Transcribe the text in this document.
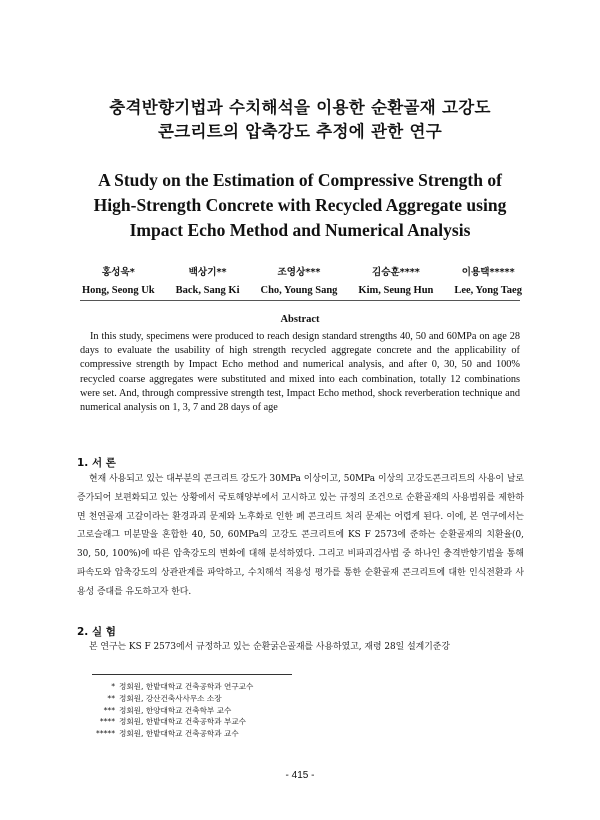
충격반향기법과 수치해석을 이용한 순환골재 고강도
콘크리트의 압축강도 추정에 관한 연구
A Study on the Estimation of Compressive Strength of
High-Strength Concrete with Recycled Aggregate using
Impact Echo Method and Numerical Analysis
홍성욱*
Hong, Seong Uk
백상기**
Back, Sang Ki
조영상***
Cho, Young Sang
김승훈****
Kim, Seung Hun
이용택*****
Lee, Yong Taeg
Abstract

In this study, specimens were produced to reach design standard strengths 40, 50 and 60MPa on age 28 days to evaluate the usability of high strength recycled aggregate concrete and the applicability of compressive strength by Impact Echo method and numerical analysis, and after 0, 30, 50 and 100% recycled coarse aggregates were substituted and mixed into each combination, totally 12 combinations were set. And, through compressive strength test, Impact Echo method, shock reverberation technique and numerical analysis on 1, 3, 7 and 28 days of age

1. 서 론

현재 사용되고 있는 대부분의 콘크리트 강도가 30MPa 이상이고, 50MPa 이상의 고강도콘크리트의 사용이 날로 증가되어 보편화되고 있는 상황에서 국토해양부에서 고시하고 있는 규정의 조건으로 순환골재의 사용범위를 제한하면 천연골재 고갈이라는 환경과괴 문제와 노후화로 인한 폐 콘크리트 처리 문제는 어렵게 된다. 이에, 본 연구에서는 고로슬래그 미분말을 혼합한 40, 50, 60MPa의 고강도 콘크리트에 KS F 2573에 준하는 순환골재의 치환율(0, 30, 50, 100%)에 따른 압축강도의 변화에 대해 분석하였다. 그리고 비파괴검사법 중 하나인 충격반향기법을 통해 파속도와 압축강도의 상관관계를 파악하고, 수치해석 적용성 평가를 통한 순환골재 콘크리트에 대한 인식전환과 사용성 증대를 유도하고자 한다.

2. 실 험

본 연구는 KS F 2573에서 규정하고 있는 순환굵은골재를 사용하였고, 재령 28일 설계기준강

* 정회원, 한밭대학교 건축공학과 연구교수
** 정회원, 강산건축사사무소 소장
*** 정회원, 한양대학교 건축학부 교수
**** 정회원, 한밭대학교 건축공학과 부교수
***** 정회원, 한밭대학교 건축공학과 교수
- 415 -
